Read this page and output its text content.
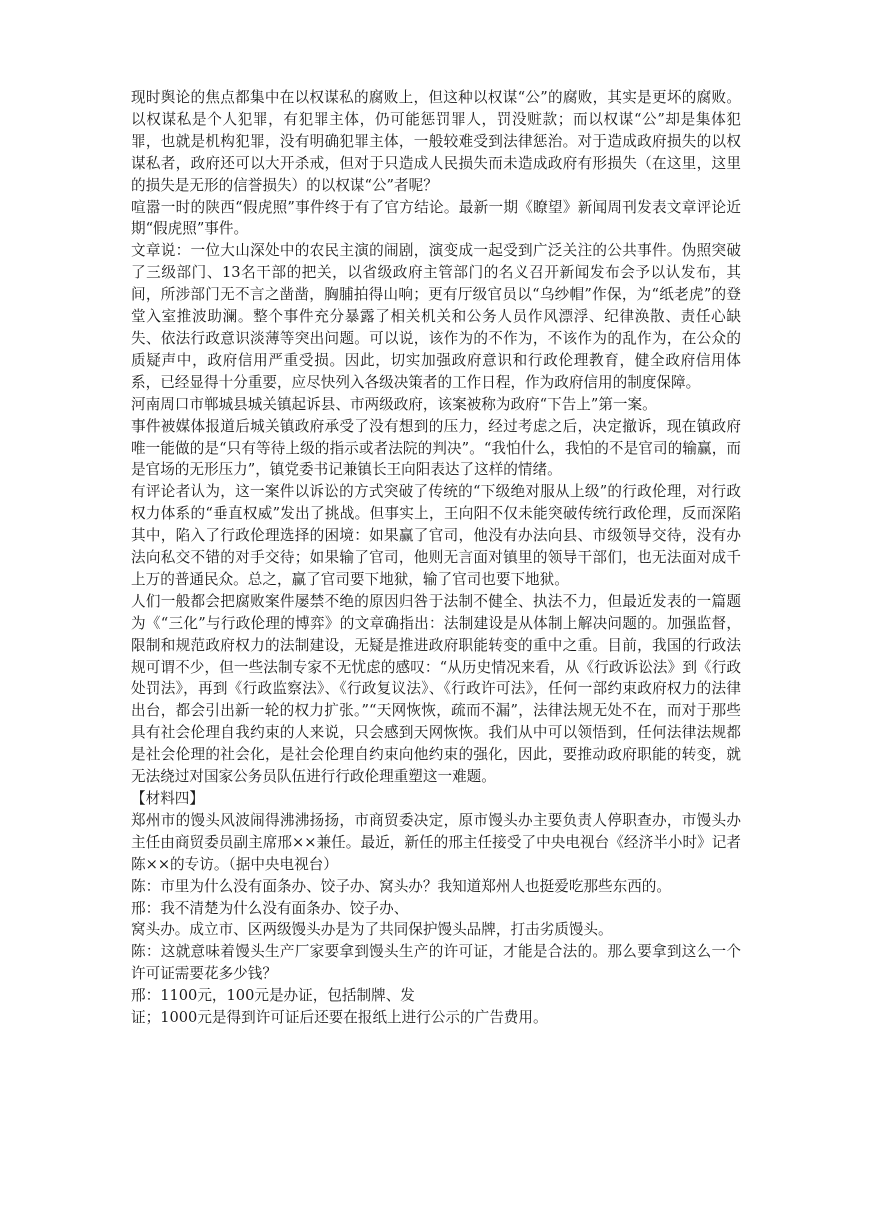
现时舆论的焦点都集中在以权谋私的腐败上，但这种以权谋“公”的腐败，其实是更坏的腐败。以权谋私是个人犯罪，有犯罪主体，仍可能惩罚罪人，罚没赃款；而以权谋“公”却是集体犯罪，也就是机构犯罪，没有明确犯罪主体，一般较难受到法律惩治。对于造成政府损失的以权谋私者，政府还可以大开杀戒，但对于只造成人民损失而未造成政府有形损失（在这里，这里的损失是无形的信誉损失）的以权谋“公”者呢？

喧嚣一时的陕西“假虎照”事件终于有了官方结论。最新一期《瞭望》新闻周刊发表文章评论近期“假虎照”事件。

文章说：一位大山深处中的农民主演的闹剧，演变成一起受到广泛关注的公共事件。伪照突破了三级部门、13名干部的把关，以省级政府主管部门的名义召开新闻发布会予以认发布，其间，所涉部门无不言之凿凿，胸脯拍得山响；更有厅级官员以“乌纱帽”作保，为“纸老虎”的登堂入室推波助澜。整个事件充分暴露了相关机关和公务人员作风漂浮、纪律涣散、责任心缺失、依法行政意识淡薄等突出问题。可以说，该作为的不作为，不该作为的乱作为，在公众的质疑声中，政府信用严重受损。因此，切实加强政府意识和行政伦理教育，健全政府信用体系，已经显得十分重要，应尽快列入各级决策者的工作日程，作为政府信用的制度保障。

河南周口市郸城县城关镇起诉县、市两级政府，该案被称为政府“下告上”第一案。

事件被媒体报道后城关镇政府承受了没有想到的压力，经过考虑之后，决定撤诉，现在镇政府唯一能做的是“只有等待上级的指示或者法院的判决”。“我怕什么，我怕的不是官司的输赢，而是官场的无形压力”，镇党委书记兼镇长王向阳表达了这样的情绪。

有评论者认为，这一案件以诉讼的方式突破了传统的“下级绝对服从上级”的行政伦理，对行政权力体系的“垂直权威”发出了挑战。但事实上，王向阳不仅未能突破传统行政伦理，反而深陷其中，陷入了行政伦理选择的困境：如果赢了官司，他没有办法向县、市级领导交待，没有办法向私交不错的对手交待；如果输了官司，他则无言面对镇里的领导干部们，也无法面对成千上万的普通民众。总之，赢了官司要下地狱，输了官司也要下地狱。

人们一般都会把腐败案件屡禁不绝的原因归咎于法制不健全、执法不力，但最近发表的一篇题为《“三化”与行政伦理的博弈》的文章确指出：法制建设是从体制上解决问题的。加强监督，限制和规范政府权力的法制建设，无疑是推进政府职能转变的重中之重。目前，我国的行政法规可谓不少，但一些法制专家不无忧虑的感叹：“从历史情况来看，从《行政诉讼法》到《行政处罚法》，再到《行政监察法》、《行政复议法》、《行政许可法》，任何一部约束政府权力的法律出台，都会引出新一轮的权力扩张。”“天网恢恢，疏而不漏”，法律法规无处不在，而对于那些具有社会伦理自我约束的人来说，只会感到天网恢恢。我们从中可以领悟到，任何法律法规都是社会伦理的社会化，是社会伦理自约束向他约束的强化，因此，要推动政府职能的转变，就无法绕过对国家公务员队伍进行行政伦理重塑这一难题。

【材料四】

郑州市的馒头风波闹得沸沸扬扬，市商贸委决定，原市馒头办主要负责人停职查办，市馒头办主任由商贸委员副主席邢××兼任。最近，新任的邢主任接受了中央电视台《经济半小时》记者陈××的专访。（据中央电视台）

陈：市里为什么没有面条办、饺子办、窝头办？我知道郑州人也挺爱吃那些东西的。

邢：我不清楚为什么没有面条办、饺子办、

窝头办。成立市、区两级馒头办是为了共同保护馒头品牌，打击劣质馒头。

陈：这就意味着馒头生产厂家要拿到馒头生产的许可证，才能是合法的。那么要拿到这么一个许可证需要花多少钱？

邢：1100元，100元是办证，包括制牌、发

证；1000元是得到许可证后还要在报纸上进行公示的广告费用。
